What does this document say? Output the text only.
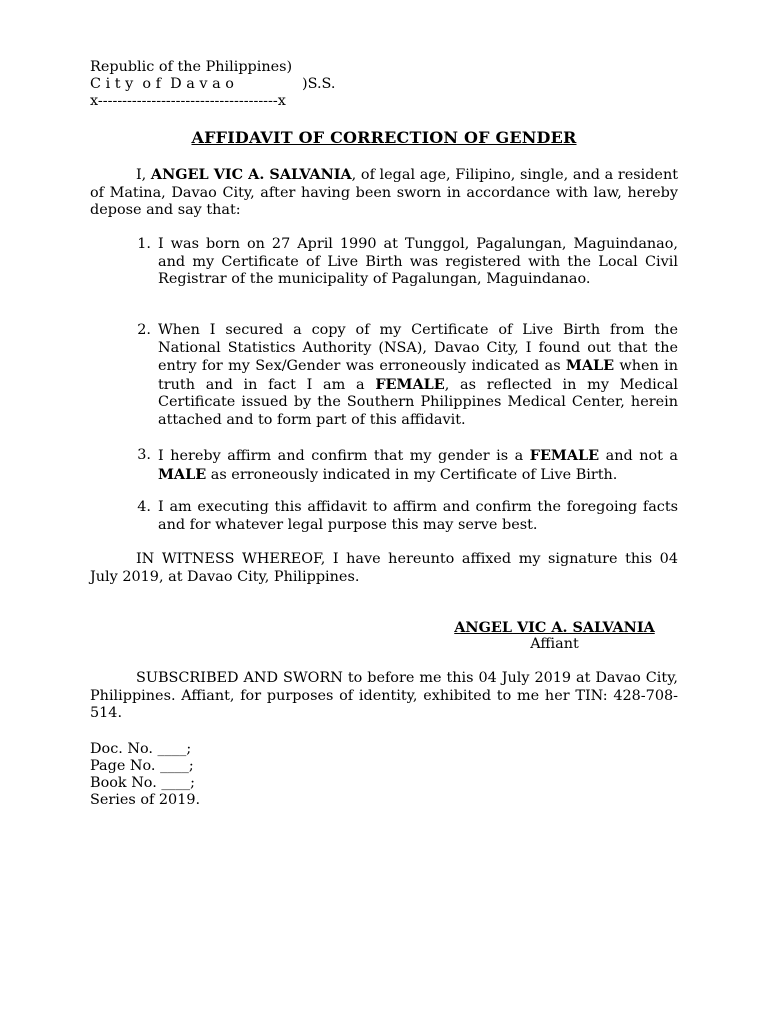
Republic of the Philippines)
C i t y  o f  D a v a o	)S.S.
x-------------------------------------x
AFFIDAVIT OF CORRECTION OF GENDER
I, ANGEL VIC A. SALVANIA, of legal age, Filipino, single, and a resident of Matina, Davao City, after having been sworn in accordance with law, hereby depose and say that:
1. I was born on 27 April 1990 at Tunggol, Pagalungan, Maguindanao, and my Certificate of Live Birth was registered with the Local Civil Registrar of the municipality of Pagalungan, Maguindanao.
2. When I secured a copy of my Certificate of Live Birth from the National Statistics Authority (NSA), Davao City, I found out that the entry for my Sex/Gender was erroneously indicated as MALE when in truth and in fact I am a FEMALE, as reflected in my Medical Certificate issued by the Southern Philippines Medical Center, herein attached and to form part of this affidavit.
3. I hereby affirm and confirm that my gender is a FEMALE and not a MALE as erroneously indicated in my Certificate of Live Birth.
4. I am executing this affidavit to affirm and confirm the foregoing facts and for whatever legal purpose this may serve best.
IN WITNESS WHEREOF, I have hereunto affixed my signature this 04 July 2019, at Davao City, Philippines.
ANGEL VIC A. SALVANIA
Affiant
SUBSCRIBED AND SWORN to before me this 04 July 2019 at Davao City, Philippines. Affiant, for purposes of identity, exhibited to me her TIN: 428-708-514.
Doc. No. ____;
Page No. ____;
Book No. ____;
Series of 2019.
